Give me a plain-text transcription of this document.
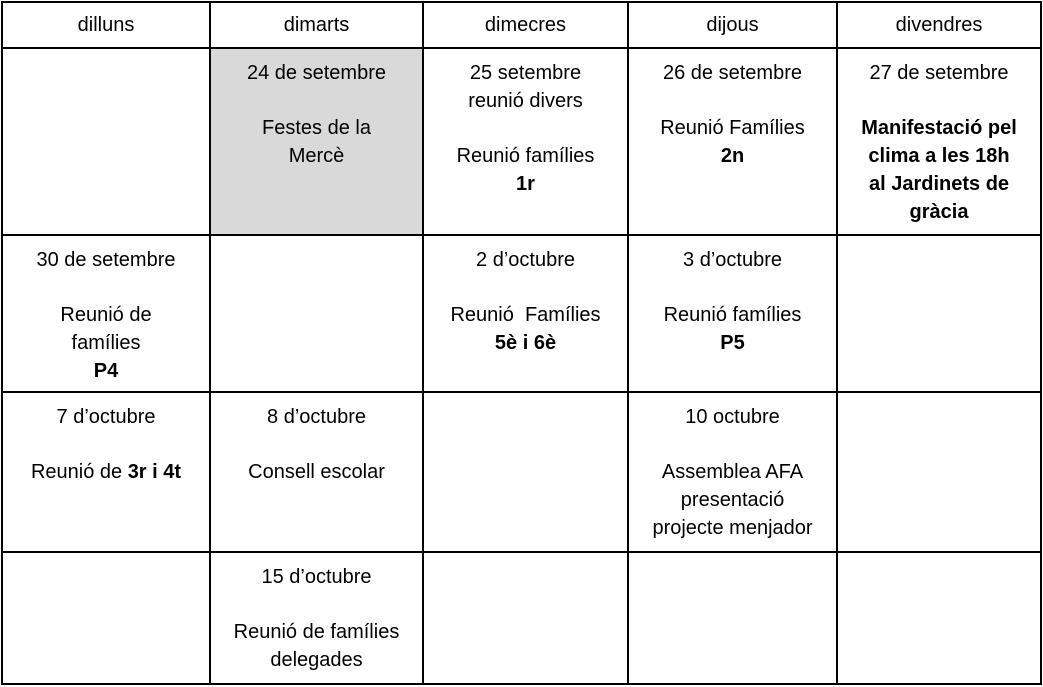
dilluns	dimarts	dimecres	dijous	divendres

	24 de setembre
Festes de la
Mercè	25 setembre
reunió divers
Reunió famílies
1r	26 de setembre
Reunió Famílies
2n	27 de setembre
Manifestació pel
clima a les 18h
al Jardinets de
gràcia

30 de setembre
Reunió de
famílies
P4		2 d’octubre
Reunió  Famílies
5è i 6è	3 d’octubre
Reunió famílies
P5	

7 d’octubre
Reunió de 3r i 4t	8 d’octubre
Consell escolar		10 octubre
Assemblea AFA
presentació
projecte menjador	

	15 d’octubre
Reunió de famílies
delegades			
